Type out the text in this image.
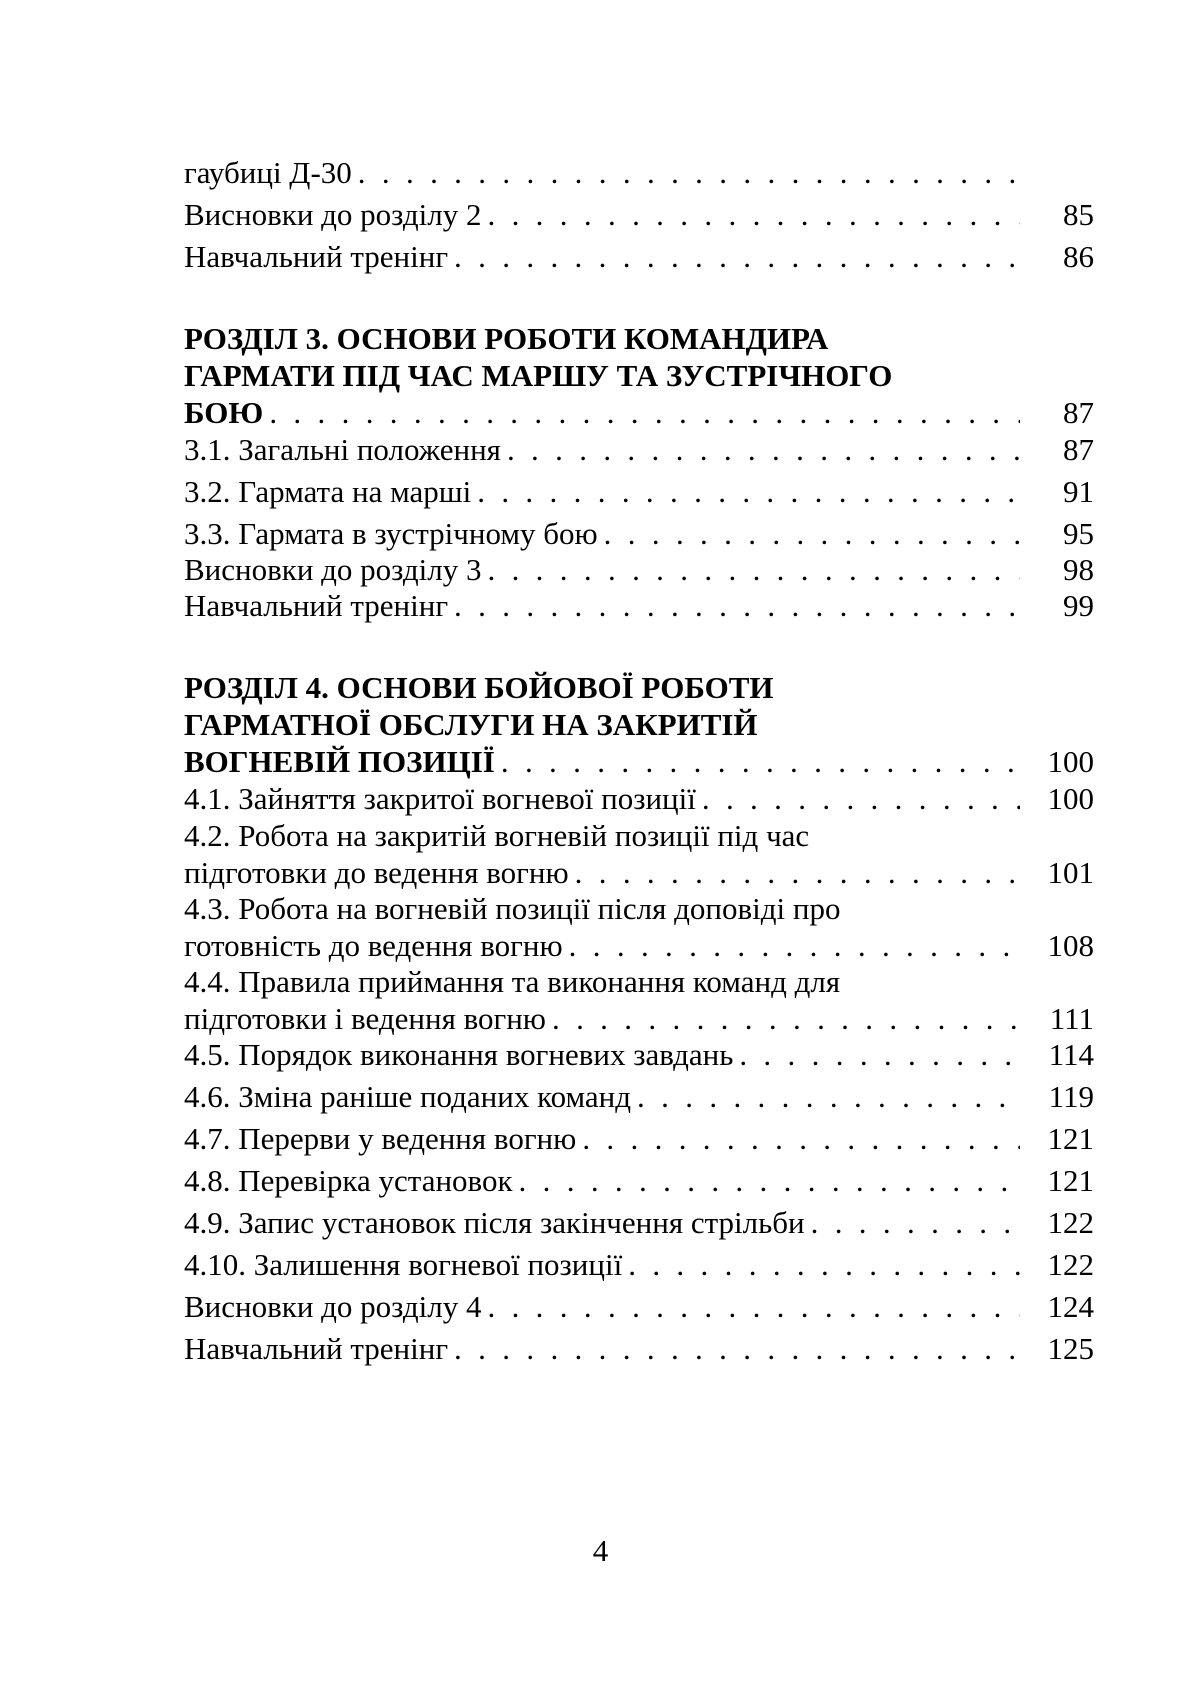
гаубиці Д-30
. . .
Висновки до розділу 2 . . .	85
Навчальний тренінг . . .	86
РОЗДІЛ 3. ОСНОВИ РОБОТИ КОМАНДИРА
ГАРМАТИ ПІД ЧАС МАРШУ ТА ЗУСТРІЧНОГО
БОЮ . . .	87
3.1. Загальні положення . . .	87
3.2. Гармата на марші . . .	91
3.3. Гармата в зустрічному бою . . .	95
Висновки до розділу 3 . . .	98
Навчальний тренінг . . .	99
РОЗДІЛ 4. ОСНОВИ БОЙОВОЇ РОБОТИ
ГАРМАТНОЇ ОБСЛУГИ НА ЗАКРИТІЙ
ВОГНЕВІЙ ПОЗИЦІЇ . . .	100
4.1. Зайняття закритої вогневої позиції . . .	100
4.2. Робота на закритій вогневій позиції під час
підготовки до ведення вогню . . .	101
4.3. Робота на вогневій позиції після доповіді про
готовність до ведення вогню . . .	108
4.4. Правила приймання та виконання команд для
підготовки і ведення вогню . . .	111
4.5. Порядок виконання вогневих завдань . . .	114
4.6. Зміна раніше поданих команд . . .	119
4.7. Перерви у ведення вогню . . .	121
4.8. Перевірка установок . . .	121
4.9. Запис установок після закінчення стрільби . . .	122
4.10. Залишення вогневої позиції . . .	122
Висновки до розділу 4 . . .	124
Навчальний тренінг . . .	125
4
